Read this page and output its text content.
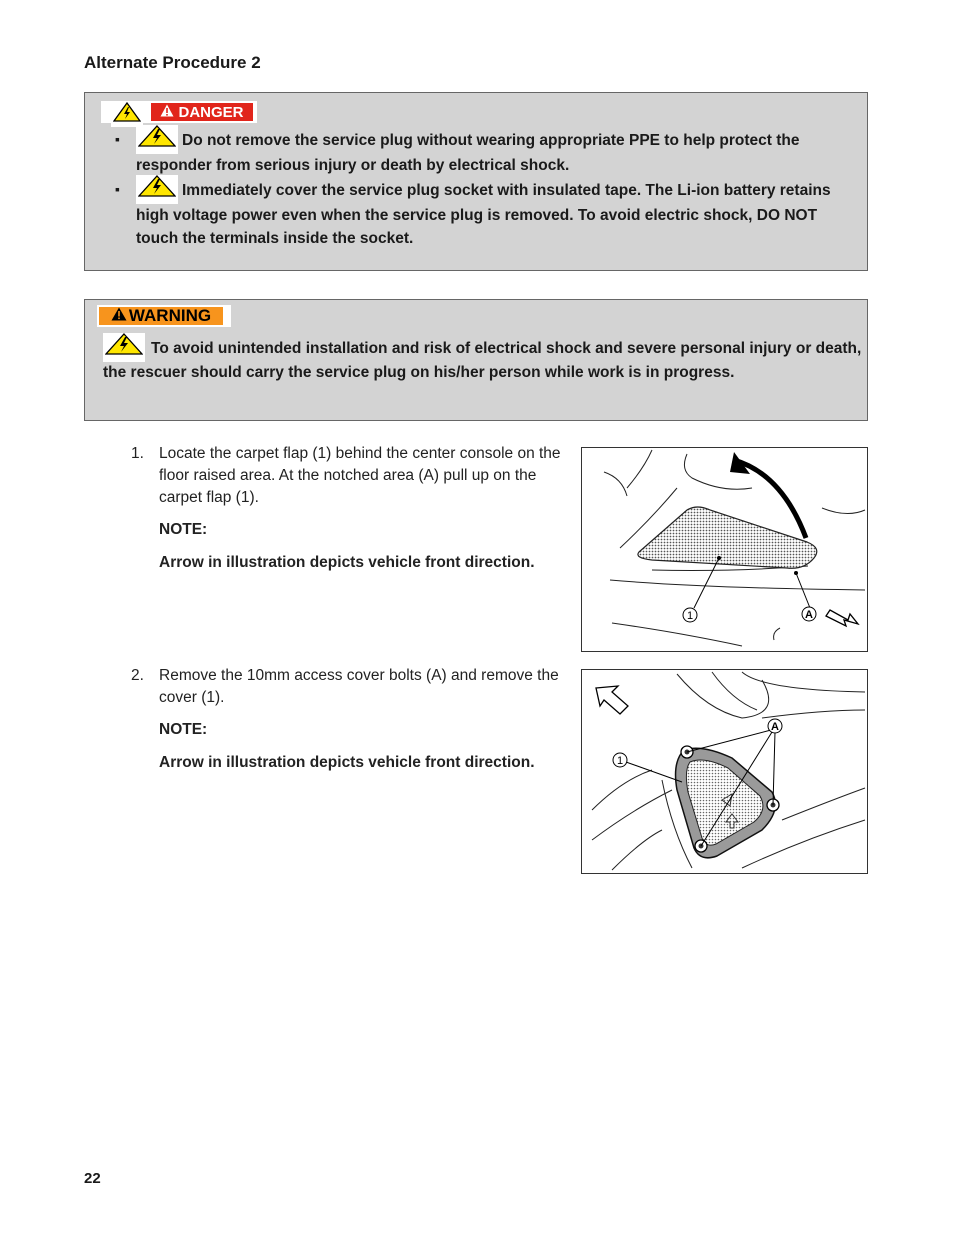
Alternate Procedure 2
DANGER
▪	Do not remove the service plug without wearing appropriate PPE to help protect the responder from serious injury or death by electrical shock.
▪	Immediately cover the service plug socket with insulated tape. The Li-ion battery retains high voltage power even when the service plug is removed. To avoid electric shock, DO NOT touch the terminals inside the socket.
WARNING
To avoid unintended installation and risk of electrical shock and severe personal injury or death, the rescuer should carry the service plug on his/her person while work is in progress.
1. Locate the carpet flap (1) behind the center console on the floor raised area. At the notched area (A) pull up on the carpet flap (1).
NOTE:
Arrow in illustration depicts vehicle front direction.
1	A
2. Remove the 10mm access cover bolts (A) and remove the cover (1).
NOTE:
Arrow in illustration depicts vehicle front direction.
A
1
22
